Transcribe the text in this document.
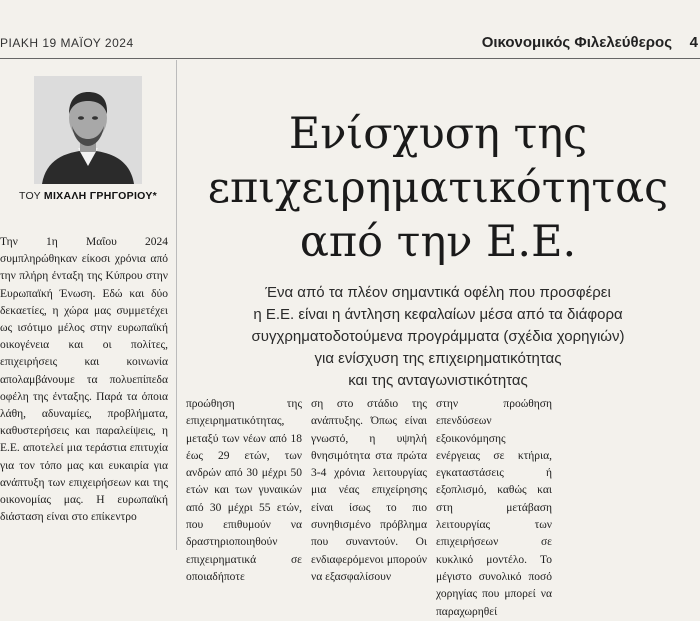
ΡΙΑΚΗ 19 ΜΑΪΟΥ 2024	Οικονομικός Φιλελεύθερος 4
ΤΟΥ ΜΙΧΑΛΗ ΓΡΗΓΟΡΙΟΥ*

Την 1η Μαΐου 2024 συμπληρώθηκαν είκοσι χρόνια από την πλήρη ένταξη της Κύπρου στην Ευρωπαϊκή Ένωση. Εδώ και δύο δεκαετίες, η χώρα μας συμμετέχει ως ισότιμο μέλος στην ευρωπαϊκή οικογένεια και οι πολίτες, επιχειρήσεις και κοινωνία απολαμβάνουμε τα πολυεπίπεδα οφέλη της ένταξης. Παρά τα όποια λάθη, αδυναμίες, προβλήματα, καθυστερήσεις και παραλείψεις, η Ε.Ε. αποτελεί μια τεράστια επιτυχία για τον τόπο μας και ευκαιρία για ανάπτυξη των επιχειρήσεων και της οικονομίας μας. Η ευρωπαϊκή διάσταση είναι στο επίκεντρο

Ενίσχυση της
επιχειρηματικότητας
από την Ε.Ε.
Ένα από τα πλέον σημαντικά οφέλη που προσφέρει
η Ε.Ε. είναι η άντληση κεφαλαίων μέσα από τα διάφορα
συγχρηματοδοτούμενα προγράμματα (σχέδια χορηγιών)
για ενίσχυση της επιχειρηματικότητας
και της ανταγωνιστικότητας

προώθηση της επιχειρηματικότητας, μεταξύ των νέων από 18 έως 29 ετών, των ανδρών από 30 μέχρι 50 ετών και των γυναικών από 30 μέχρι 55 ετών, που επιθυμούν να δραστηριοποιηθούν επιχειρηματικά σε οποιαδήποτε

ση στο στάδιο της ανάπτυξης. Όπως είναι γνωστό, η υψηλή θνησιμότητα στα πρώτα 3-4 χρόνια λειτουργίας μια νέας επιχείρησης είναι ίσως το πιο συνηθισμένο πρόβλημα που συναντούν. Οι ενδιαφερόμενοι μπορούν να εξασφαλίσουν

στην προώθηση επενδύσεων εξοικονόμησης ενέργειας σε κτήρια, εγκαταστάσεις ή εξοπλισμό, καθώς και στη μετάβαση λειτουργίας των επιχειρήσεων σε κυκλικό μοντέλο. Το μέγιστο συνολικό ποσό χορηγίας που μπορεί να παραχωρηθεί
